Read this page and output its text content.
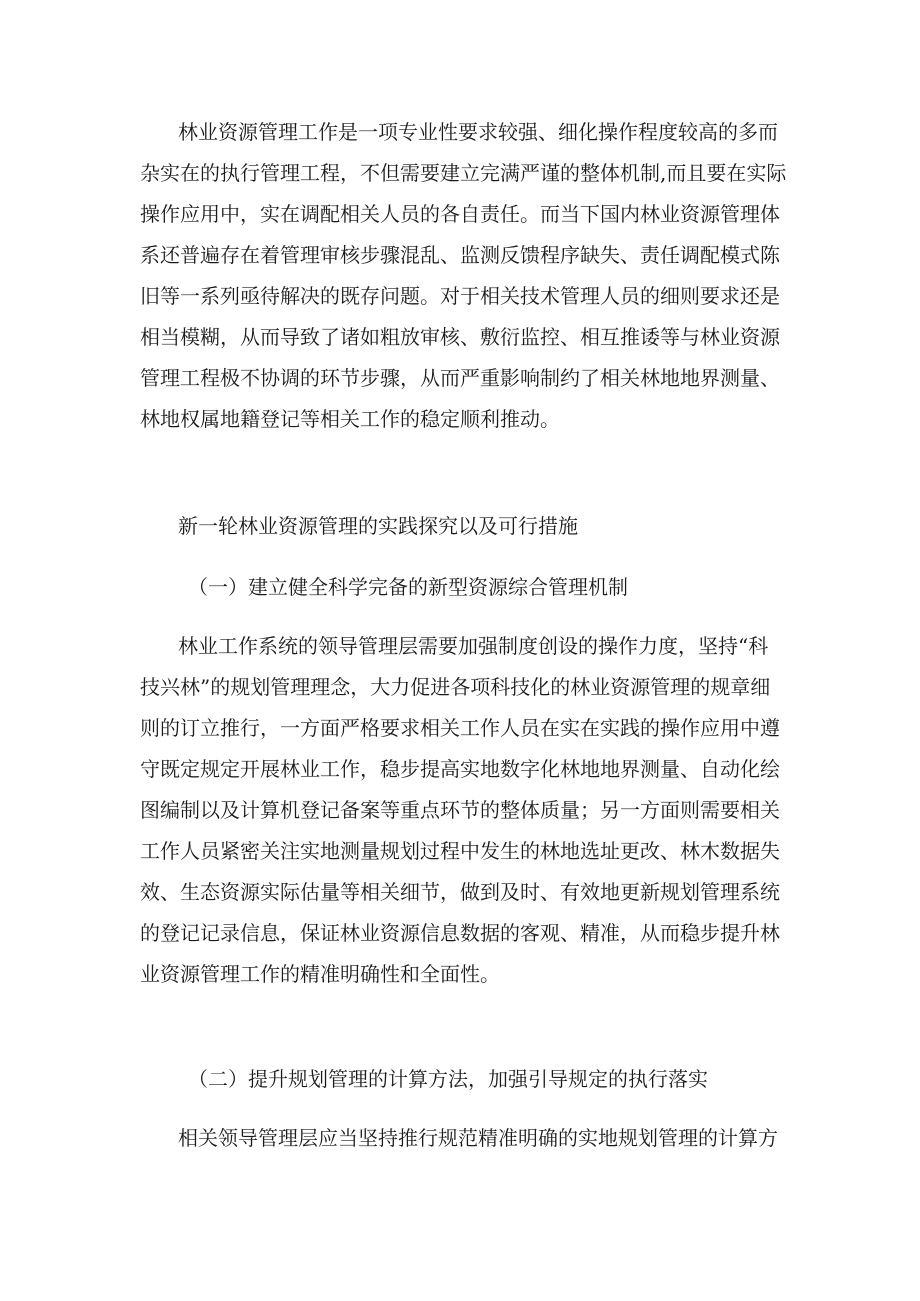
林业资源管理工作是一项专业性要求较强、细化操作程度较高的多而
杂实在的执行管理工程，不但需要建立完满严谨的整体机制,而且要在实际
操作应用中，实在调配相关人员的各自责任。而当下国内林业资源管理体
系还普遍存在着管理审核步骤混乱、监测反馈程序缺失、责任调配模式陈
旧等一系列亟待解决的既存问题。对于相关技术管理人员的细则要求还是
相当模糊，从而导致了诸如粗放审核、敷衍监控、相互推诿等与林业资源
管理工程极不协调的环节步骤，从而严重影响制约了相关林地地界测量、
林地权属地籍登记等相关工作的稳定顺利推动。
新一轮林业资源管理的实践探究以及可行措施
（一）建立健全科学完备的新型资源综合管理机制
林业工作系统的领导管理层需要加强制度创设的操作力度，坚持“科
技兴林”的规划管理理念，大力促进各项科技化的林业资源管理的规章细
则的订立推行，一方面严格要求相关工作人员在实在实践的操作应用中遵
守既定规定开展林业工作，稳步提高实地数字化林地地界测量、自动化绘
图编制以及计算机登记备案等重点环节的整体质量；另一方面则需要相关
工作人员紧密关注实地测量规划过程中发生的林地选址更改、林木数据失
效、生态资源实际估量等相关细节，做到及时、有效地更新规划管理系统
的登记记录信息，保证林业资源信息数据的客观、精准，从而稳步提升林
业资源管理工作的精准明确性和全面性。
（二）提升规划管理的计算方法，加强引导规定的执行落实
相关领导管理层应当坚持推行规范精准明确的实地规划管理的计算方
